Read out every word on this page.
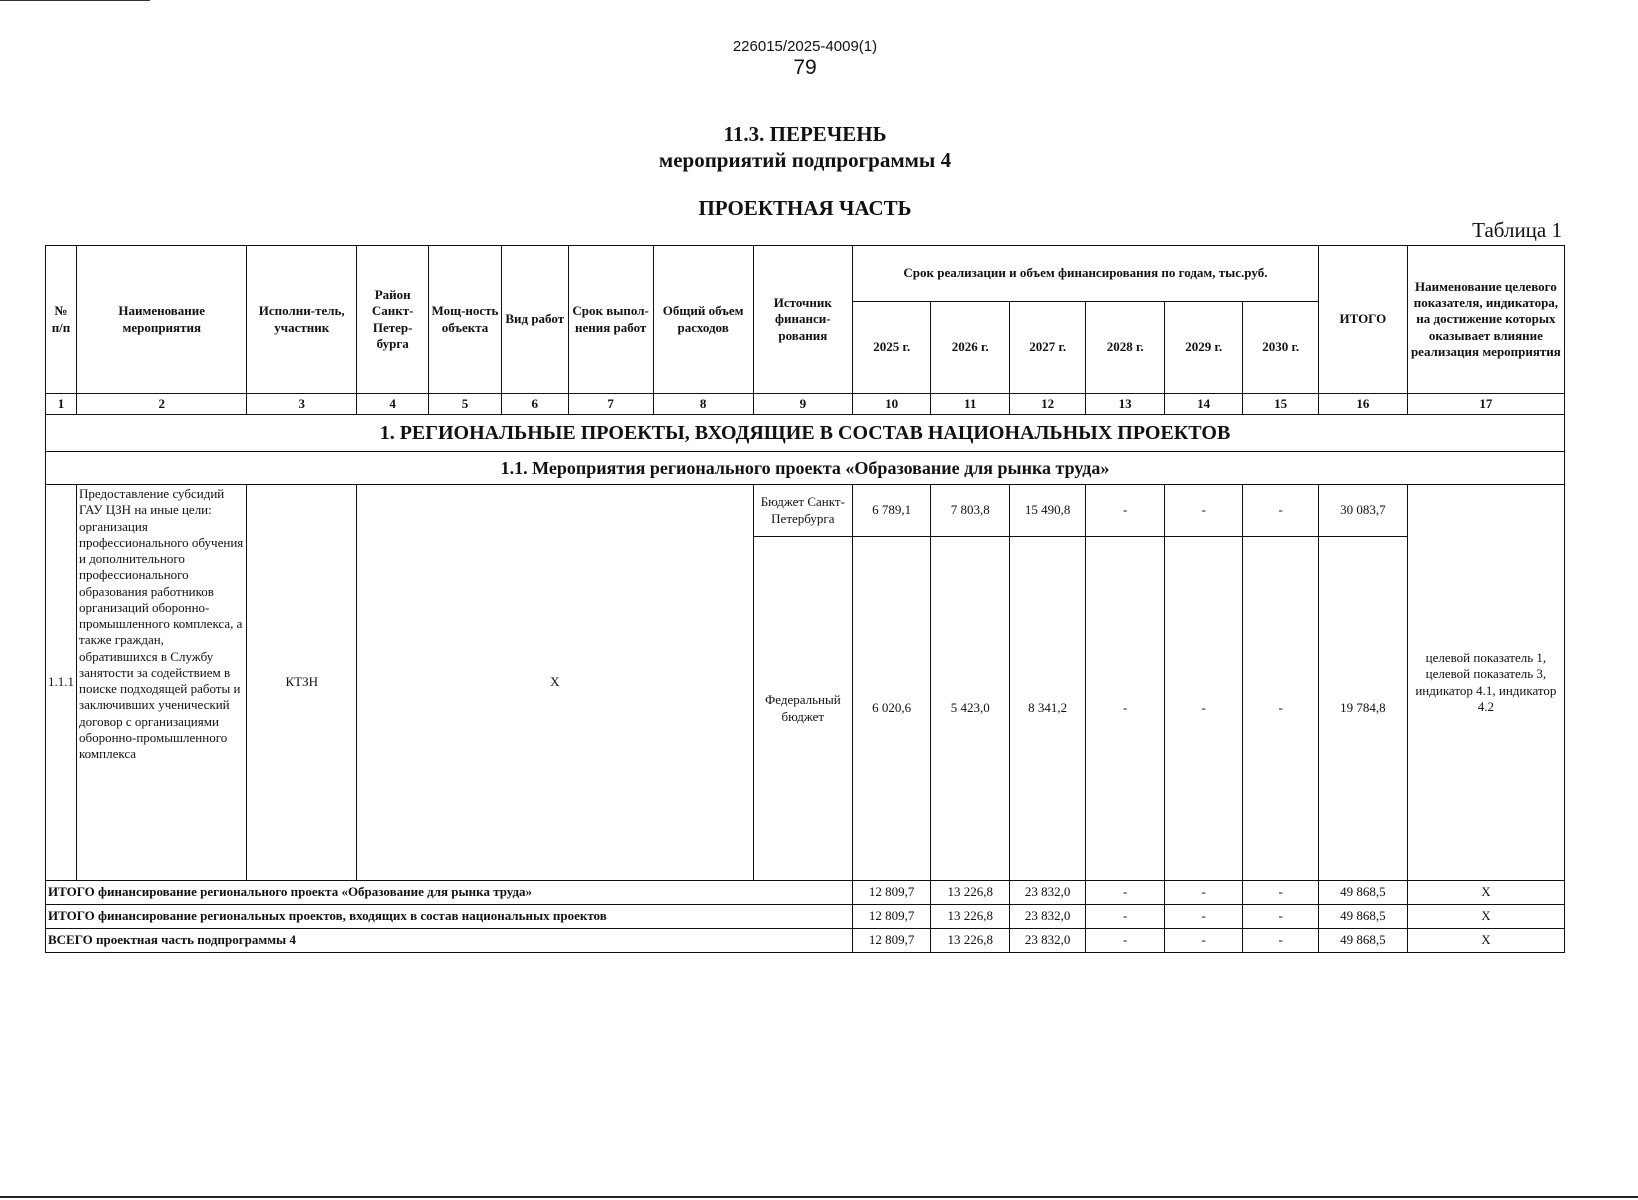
226015/2025-4009(1)
79
11.3. ПЕРЕЧЕНЬ
мероприятий подпрограммы 4
ПРОЕКТНАЯ ЧАСТЬ
Таблица 1
№ п/п	Наименование мероприятия	Исполни-тель, участник	Район Санкт-Петер-бурга	Мощ-ность объекта	Вид работ	Срок выпол-нения работ	Общий объем расходов	Источник финанси-рования	Срок реализации и объем финансирования по годам, тыс.руб.						ИТОГО	Наименование целевого показателя, индикатора, на достижение которых оказывает влияние реализация мероприятия
									2025 г.	2026 г.	2027 г.	2028 г.	2029 г.	2030 г.		
1	2	3	4	5	6	7	8	9	10	11	12	13	14	15	16	17
1. РЕГИОНАЛЬНЫЕ ПРОЕКТЫ, ВХОДЯЩИЕ В СОСТАВ НАЦИОНАЛЬНЫХ ПРОЕКТОВ																
1.1. Мероприятия регионального проекта «Образование для рынка труда»																
1.1.1	Предоставление субсидий ГАУ ЦЗН на иные цели: организация профессионального обучения и дополнительного профессионального образования работников организаций оборонно-промышленного комплекса, а также граждан, обратившихся в Службу занятости за содействием в поиске подходящей работы и заключивших ученический договор с организациями оборонно-промышленного комплекса	КТЗН	Х					Бюджет Санкт-Петербурга	6 789,1	7 803,8	15 490,8	-	-	-	30 083,7	целевой показатель 1, целевой показатель 3, индикатор 4.1, индикатор 4.2
								Федеральный бюджет	6 020,6	5 423,0	8 341,2	-	-	-	19 784,8	
ИТОГО финансирование регионального проекта «Образование для рынка труда»									12 809,7	13 226,8	23 832,0	-	-	-	49 868,5	Х
ИТОГО финансирование региональных проектов, входящих в состав национальных проектов									12 809,7	13 226,8	23 832,0	-	-	-	49 868,5	Х
ВСЕГО проектная часть подпрограммы 4									12 809,7	13 226,8	23 832,0	-	-	-	49 868,5	Х
